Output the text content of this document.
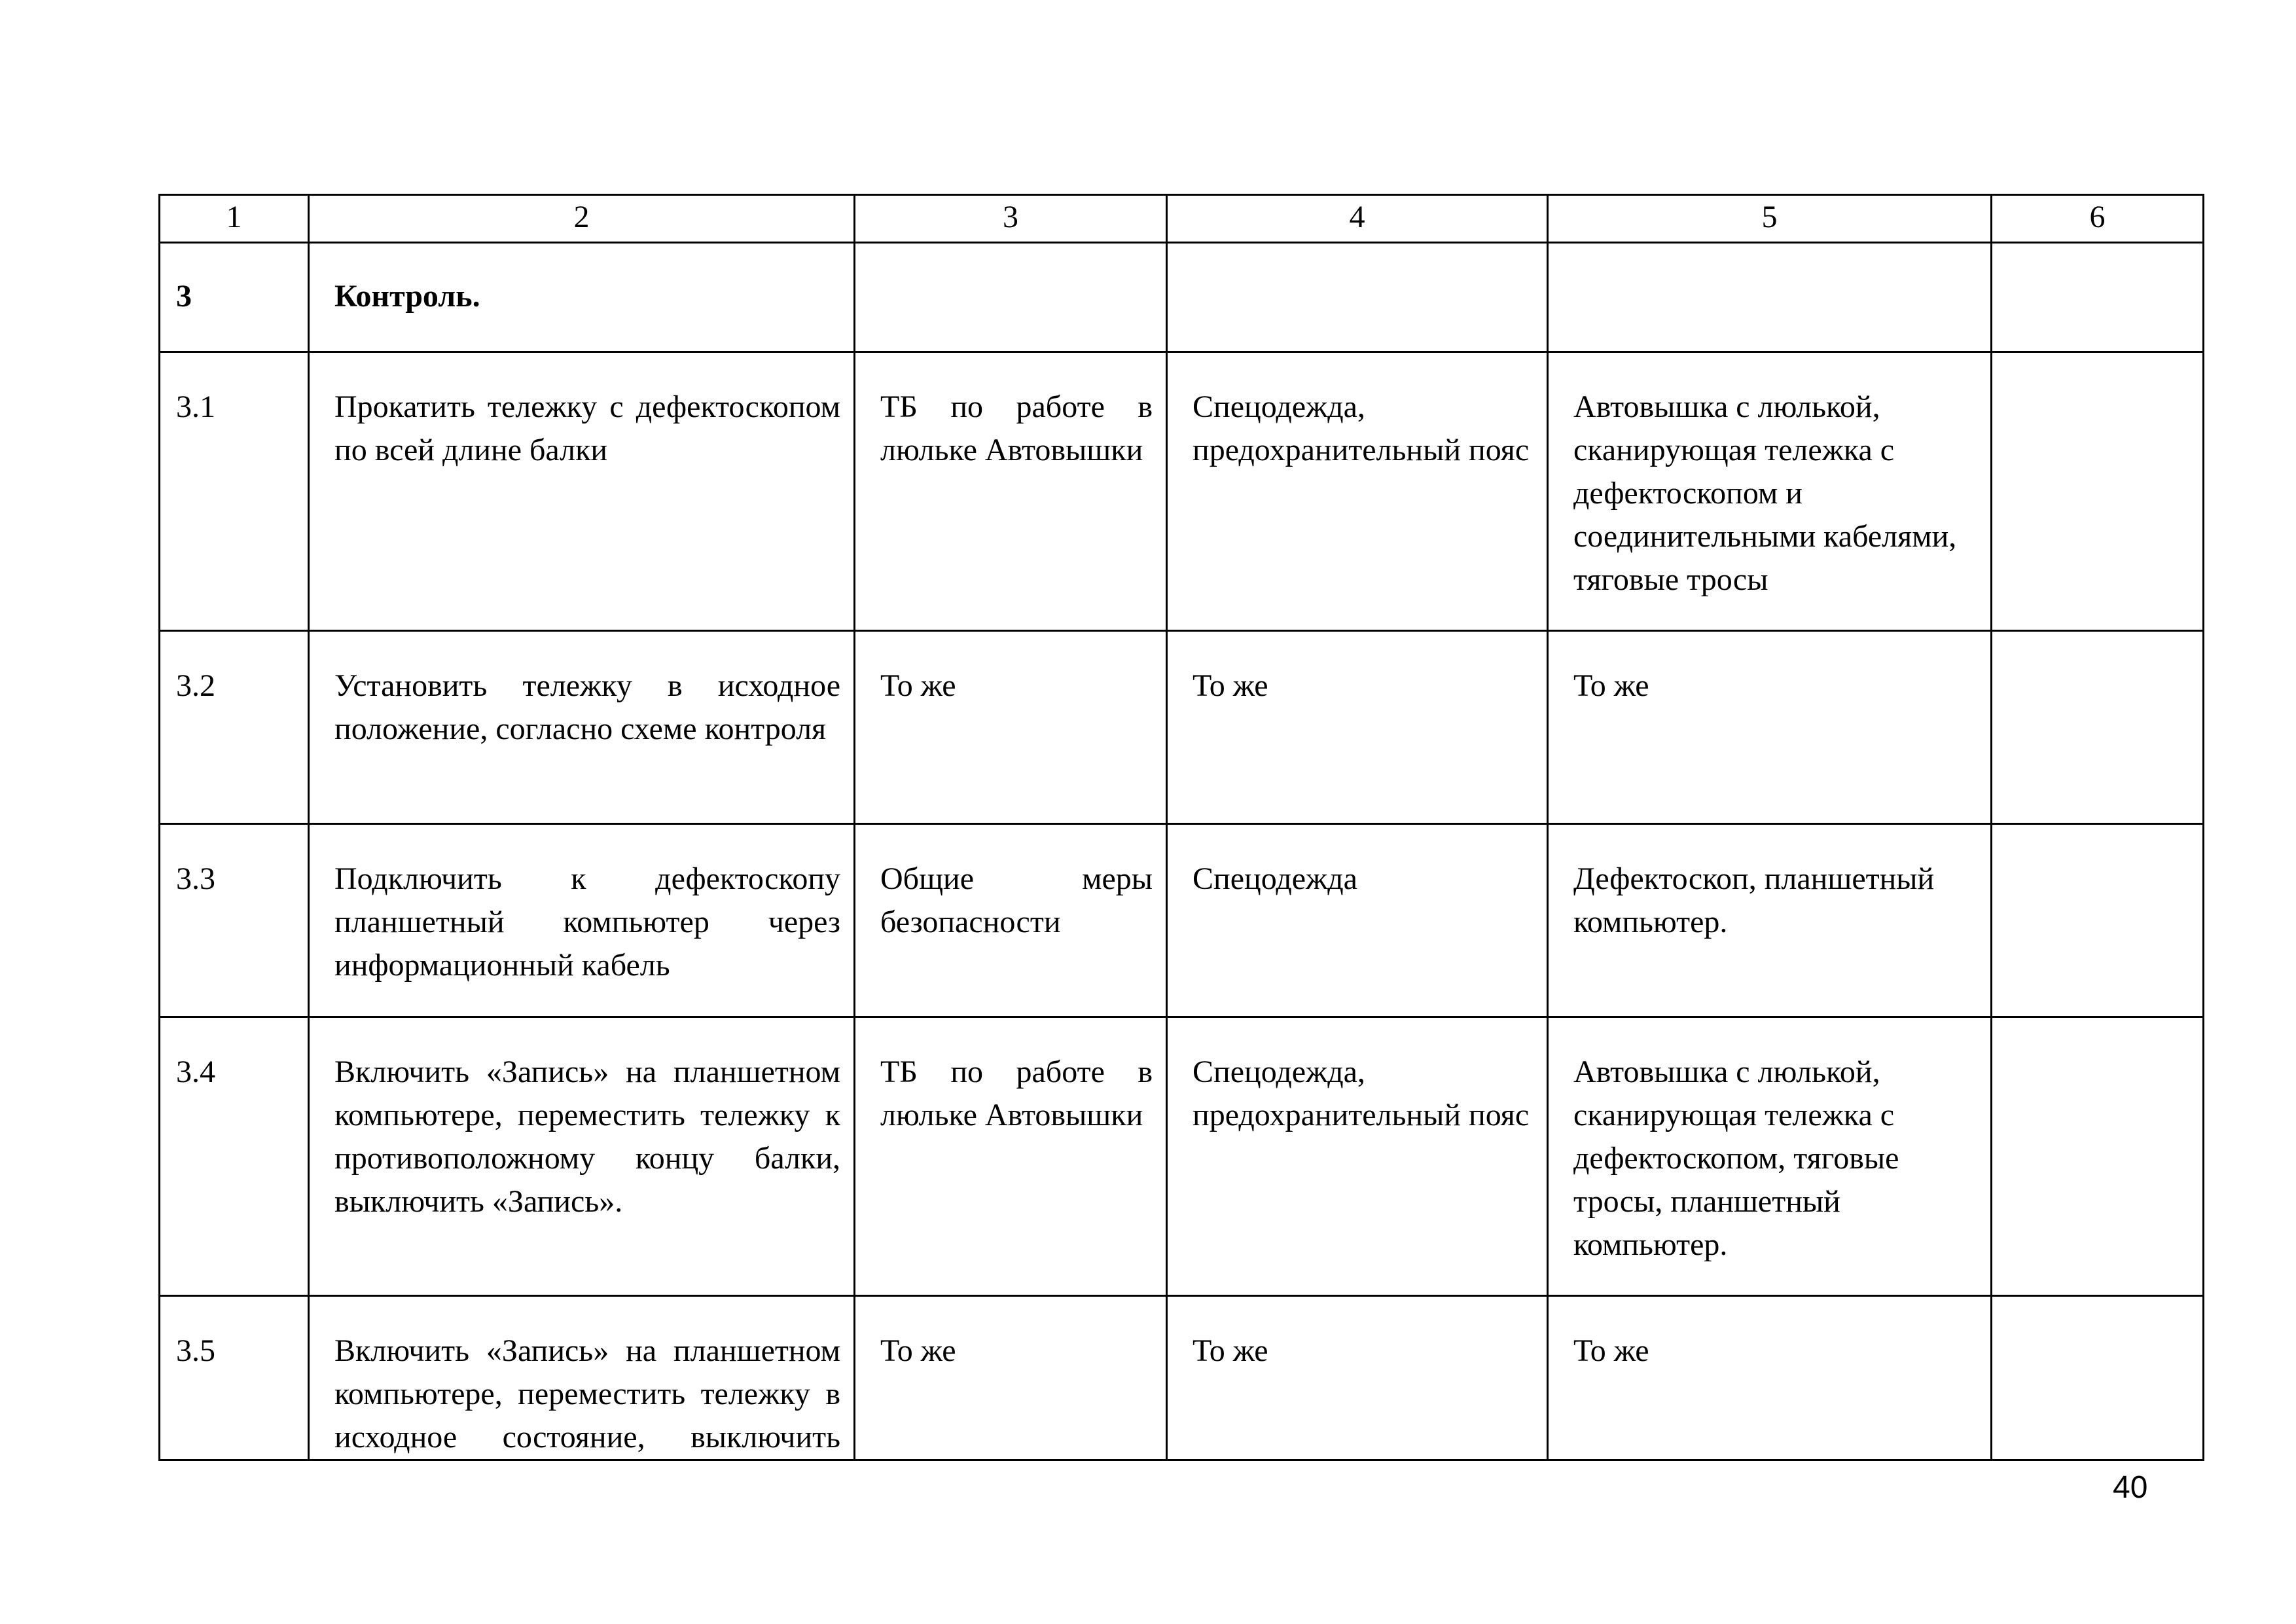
1	2	3	4	5	6

3	Контроль.				

3.1	Прокатить тележку с дефектоскопом по всей длине балки	ТБ по работе в люльке Автовышки	Спецодежда, предохранительный пояс	Автовышка с люлькой,
сканирующая тележка с
дефектоскопом и
соединительными кабелями,
тяговые тросы	

3.2	Установить тележку в исходное положение, согласно схеме контроля	То же	То же	То же	

3.3	Подключить к дефектоскопу планшетный компьютер через информационный кабель	Общие меры безопасности	Спецодежда	Дефектоскоп, планшетный
компьютер.	

3.4	Включить «Запись» на планшетном компьютере, переместить тележку к противоположному концу балки, выключить «Запись».	ТБ по работе в люльке Автовышки	Спецодежда, предохранительный пояс	Автовышка с люлькой,
сканирующая тележка с
дефектоскопом, тяговые
тросы, планшетный
компьютер.	

3.5	Включить «Запись» на планшетном компьютере, переместить тележку в исходное состояние, выключить	То же	То же	То же	

40
